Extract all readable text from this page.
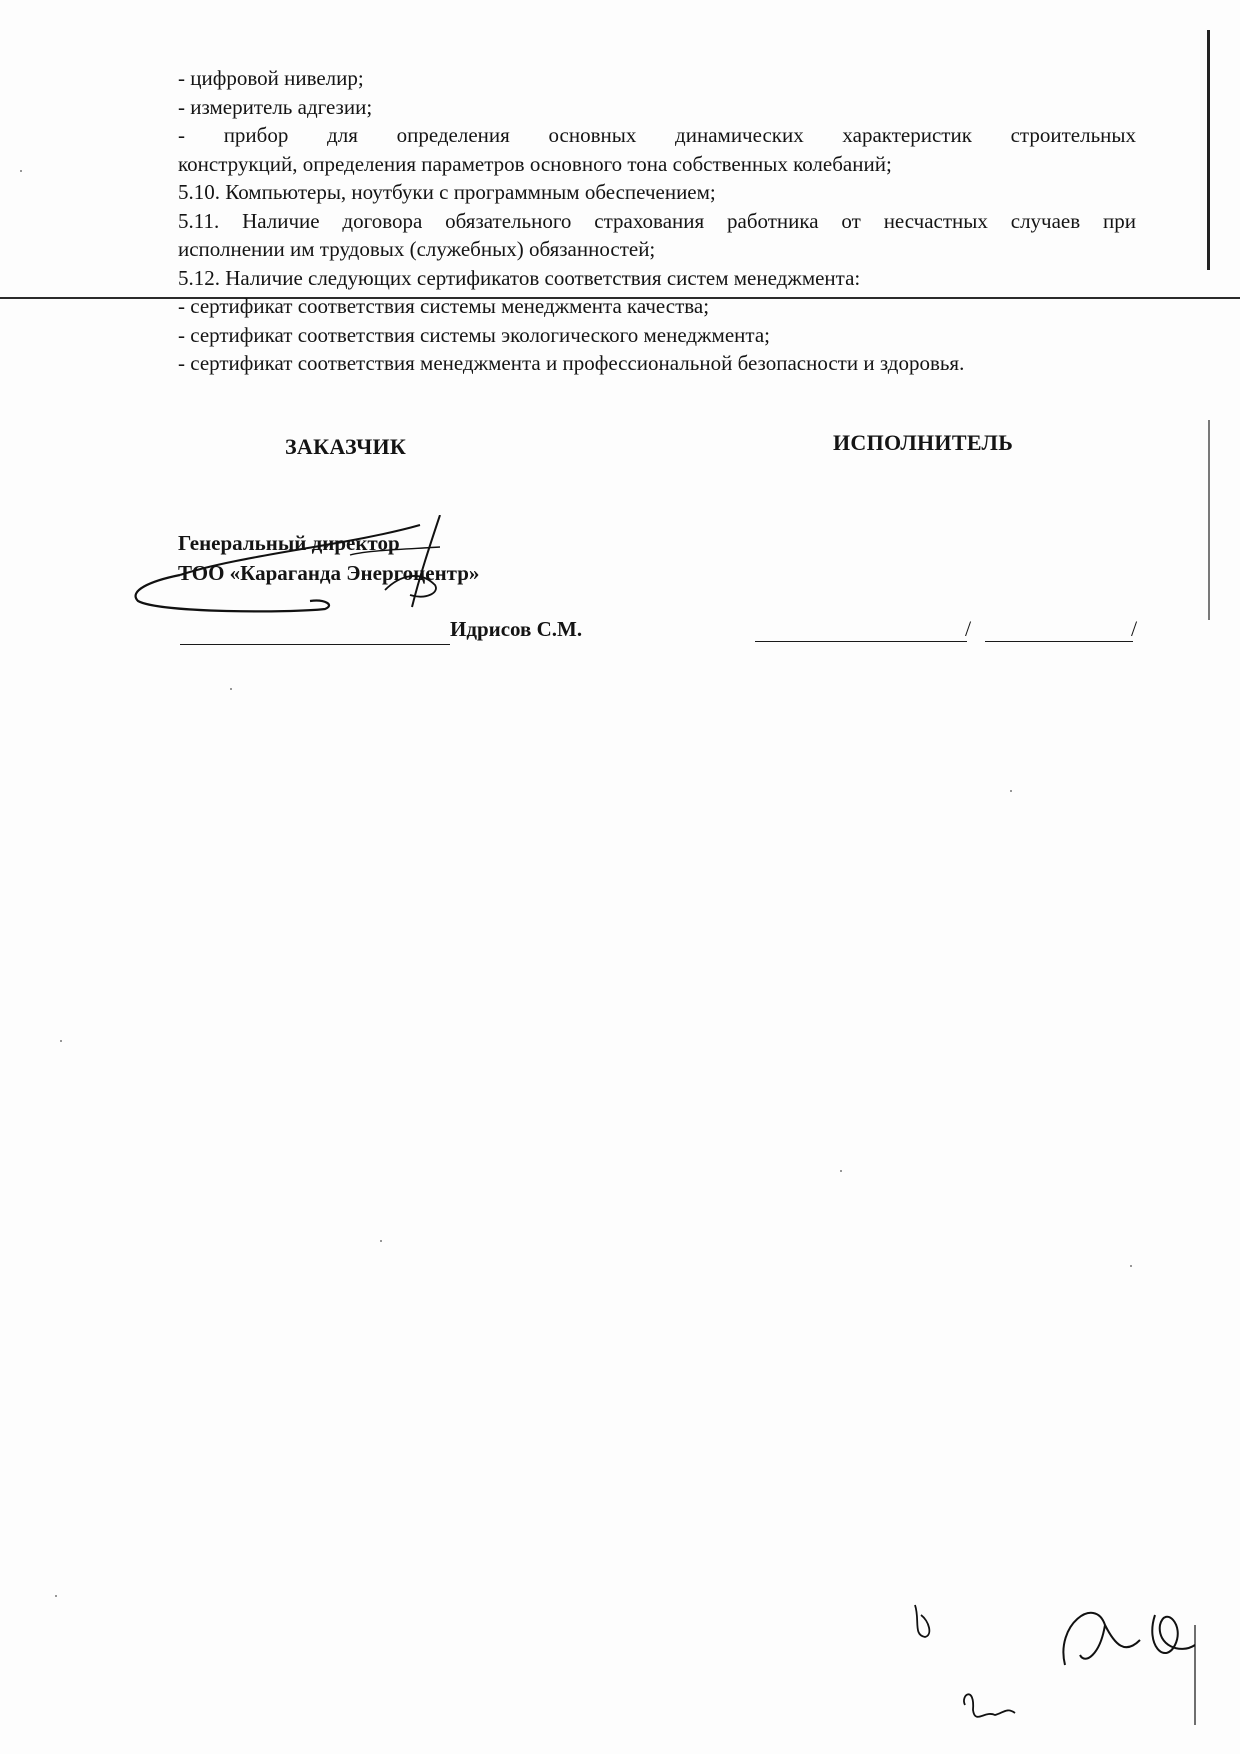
- цифровой нивелир;
- измеритель адгезии;
- прибор для определения основных динамических характеристик строительных
конструкций, определения параметров основного тона собственных колебаний;
5.10. Компьютеры, ноутбуки с программным обеспечением;
5.11. Наличие договора обязательного страхования работника от несчастных случаев при
исполнении им трудовых (служебных) обязанностей;
5.12. Наличие следующих сертификатов соответствия систем менеджмента:
- сертификат соответствия системы менеджмента качества;
- сертификат соответствия системы экологического менеджмента;
- сертификат соответствия менеджмента и профессиональной безопасности и здоровья.
ЗАКАЗЧИК	ИСПОЛНИТЕЛЬ
Генеральный директор
ТОО «Караганда Энергоцентр»
Идрисов С.М.	/	/
